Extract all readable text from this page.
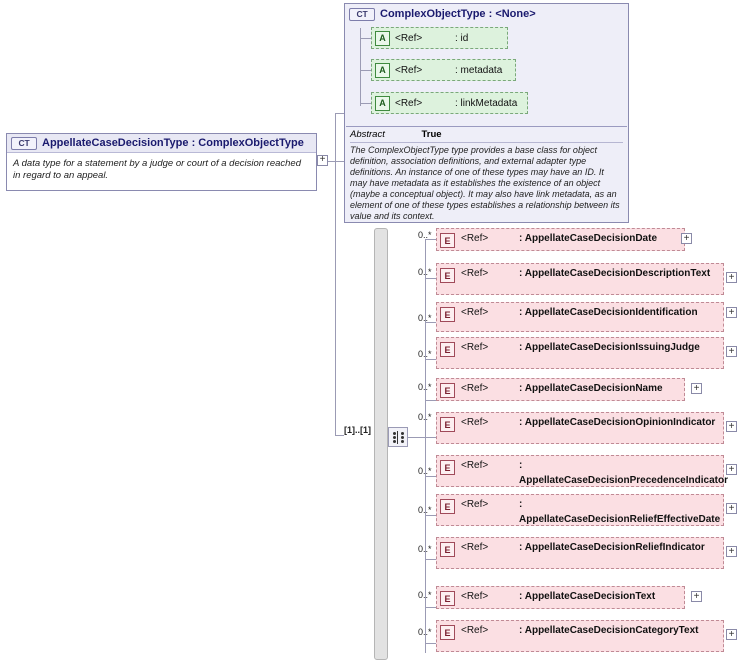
CT	AppellateCaseDecisionType : ComplexObjectType
A data type for a statement by a judge or court of a decision reached in regard to an appeal.
+
CT	ComplexObjectType : <None>
A <Ref>	: id
A <Ref>	: metadata
A <Ref>	: linkMetadata
Abstract	True
The ComplexObjectType type provides a base class for object definition, association definitions, and external adapter type definitions. An instance of one of these types may have an ID. It may have metadata as it establishes the existence of an object (maybe a conceptual object). It may also have link metadata, as an element of one of these types establishes a relationship between its value and its context.
[1]..[1]
0..*
E	<Ref>	: AppellateCaseDecisionDate	+
0..*	E	<Ref>	: AppellateCaseDecisionDescriptionText +
0..*	E	<Ref>	: AppellateCaseDecisionIdentification	+
0..*	E	<Ref>	: AppellateCaseDecisionIssuingJudge	+
0..*	E	<Ref>	: AppellateCaseDecisionName	+
0..*
E	<Ref>	: AppellateCaseDecisionOpinionIndicator +
0..*	E	<Ref>	: AppellateCaseDecisionPrecedenceIndicator
+
0..*	E	<Ref>	: AppellateCaseDecisionReliefEffectiveDate
+
0..*	E	<Ref>	: AppellateCaseDecisionReliefIndicator +
0..*	E	<Ref>	: AppellateCaseDecisionText	+
0..*	E	<Ref>	: AppellateCaseDecisionCategoryText	+
